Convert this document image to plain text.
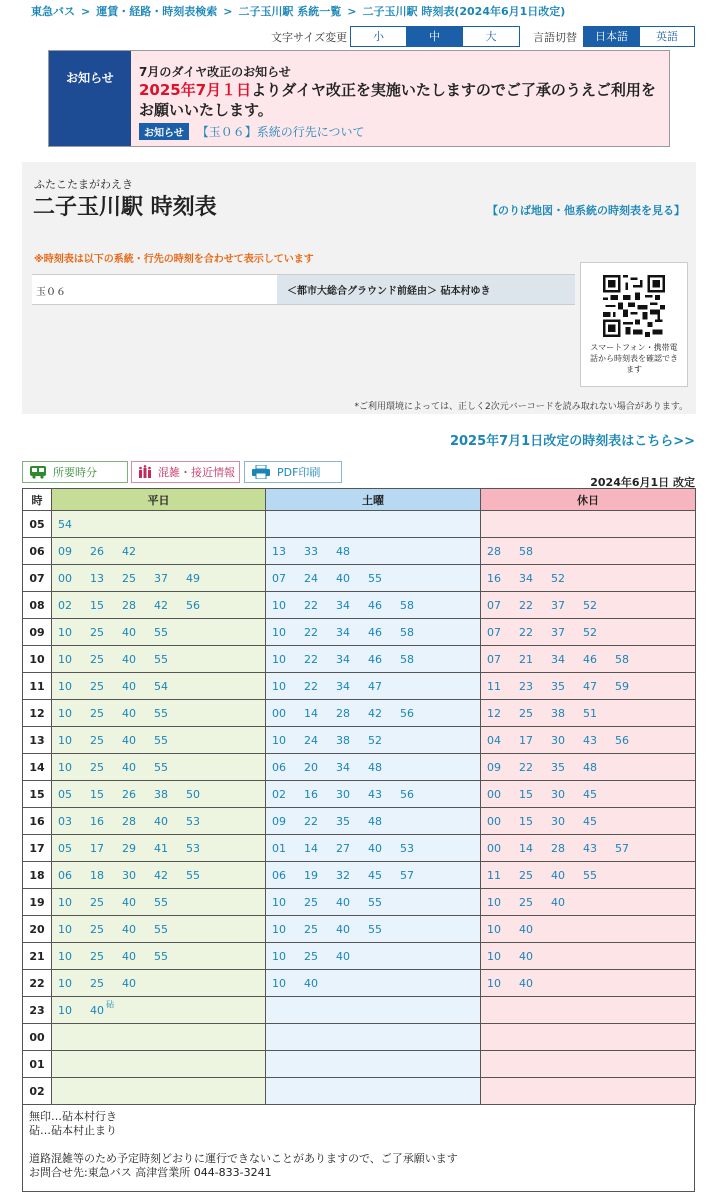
東急バス > 運賃・経路・時刻表検索 > 二子玉川駅 系統一覧 > 二子玉川駅 時刻表(2024年6月1日改定)
文字サイズ変更	小	中	大	言語切替	日本語	英語
お知らせ	7月のダイヤ改正のお知らせ
2025年7月１日よりダイヤ改正を実施いたしますのでご了承のうえご利用をお願いいたします。
お知らせ	【玉０６】系統の行先について
ふたこたまがわえき
二子玉川駅 時刻表	【のりば地図・他系統の時刻表を見る】
※時刻表は以下の系統・行先の時刻を合わせて表示しています
玉０６	＜都市大総合グラウンド前経由＞ 砧本村ゆき
スマートフォン・携帯電話から時刻表を確認できます
*ご利用環境によっては、正しく2次元バーコードを読み取れない場合があります。
2025年7月1日改定の時刻表はこちら>>
所要時分	混雑・接近情報	PDF印刷
2024年6月1日 改定
時	平日	土曜	休日
05	54		
06	09 26 42	13 33 48	28 58
07	00 13 25 37 49	07 24 40 55	16 34 52
08	02 15 28 42 56	10 22 34 46 58	07 22 37 52
09	10 25 40 55	10 22 34 46 58	07 22 37 52
10	10 25 40 55	10 22 34 46 58	07 21 34 46 58
11	10 25 40 54	10 22 34 47	11 23 35 47 59
12	10 25 40 55	00 14 28 42 56	12 25 38 51
13	10 25 40 55	10 24 38 52	04 17 30 43 56
14	10 25 40 55	06 20 34 48	09 22 35 48
15	05 15 26 38 50	02 16 30 43 56	00 15 30 45
16	03 16 28 40 53	09 22 35 48	00 15 30 45
17	05 17 29 41 53	01 14 27 40 53	00 14 28 43 57
18	06 18 30 42 55	06 19 32 45 57	11 25 40 55
19	10 25 40 55	10 25 40 55	10 25 40
20	10 25 40 55	10 25 40 55	10 40
21	10 25 40 55	10 25 40	10 40
22	10 25 40	10 40	10 40
23	10 40 砧		

00			
01			
02			
無印…砧本村行き
砧…砧本村止まり
道路混雑等のため予定時刻どおりに運行できないことがありますので、ご了承願います
お問合せ先:東急バス 高津営業所 044-833-3241
